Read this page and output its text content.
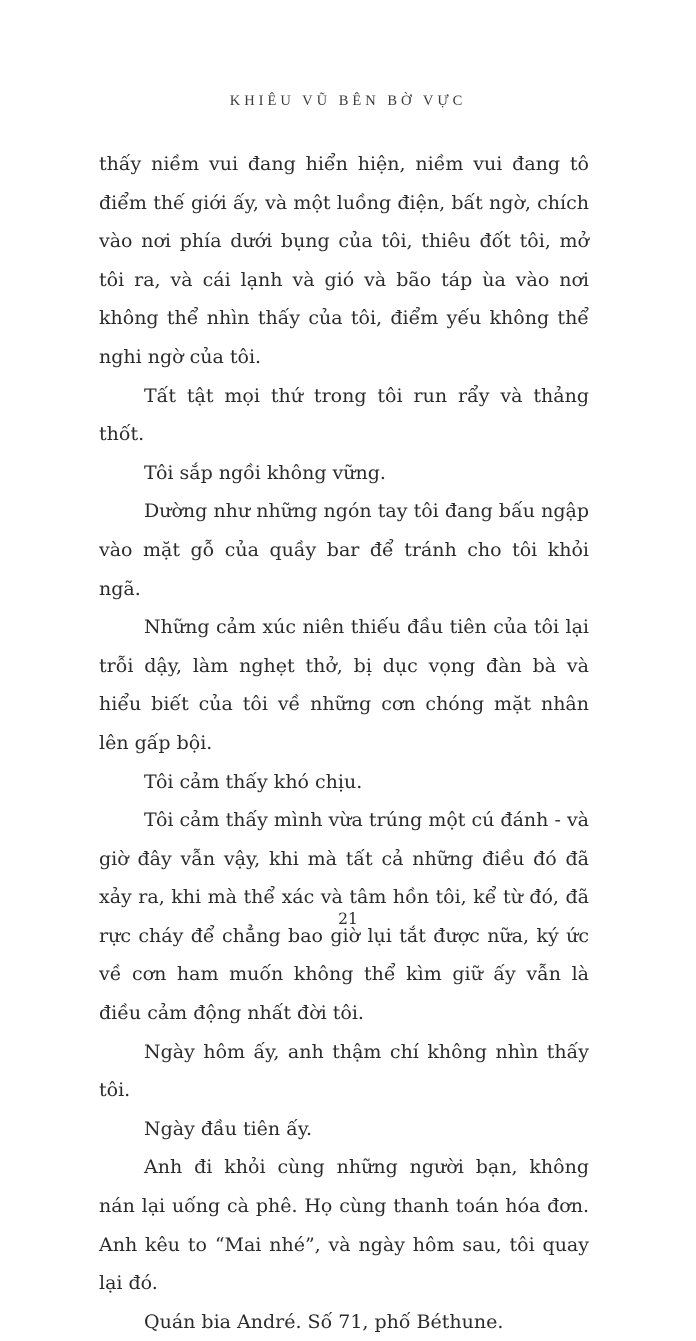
KHIÊU VŨ BÊN BỜ VỰC

thấy niềm vui đang hiển hiện, niềm vui đang tô điểm thế giới ấy, và một luồng điện, bất ngờ, chích vào nơi phía dưới bụng của tôi, thiêu đốt tôi, mở tôi ra, và cái lạnh và gió và bão táp ùa vào nơi không thể nhìn thấy của tôi, điểm yếu không thể nghi ngờ của tôi.

Tất tật mọi thứ trong tôi run rẩy và thảng thốt.

Tôi sắp ngồi không vững.

Dường như những ngón tay tôi đang bấu ngập vào mặt gỗ của quầy bar để tránh cho tôi khỏi ngã.

Những cảm xúc niên thiếu đầu tiên của tôi lại trỗi dậy, làm nghẹt thở, bị dục vọng đàn bà và hiểu biết của tôi về những cơn chóng mặt nhân lên gấp bội.

Tôi cảm thấy khó chịu.

Tôi cảm thấy mình vừa trúng một cú đánh - và giờ đây vẫn vậy, khi mà tất cả những điều đó đã xảy ra, khi mà thể xác và tâm hồn tôi, kể từ đó, đã rực cháy để chẳng bao giờ lụi tắt được nữa, ký ức về cơn ham muốn không thể kìm giữ ấy vẫn là điều cảm động nhất đời tôi.

Ngày hôm ấy, anh thậm chí không nhìn thấy tôi.

Ngày đầu tiên ấy.

Anh đi khỏi cùng những người bạn, không nán lại uống cà phê. Họ cùng thanh toán hóa đơn. Anh kêu to “Mai nhé”, và ngày hôm sau, tôi quay lại đó.

Quán bia André. Số 71, phố Béthune.

21
